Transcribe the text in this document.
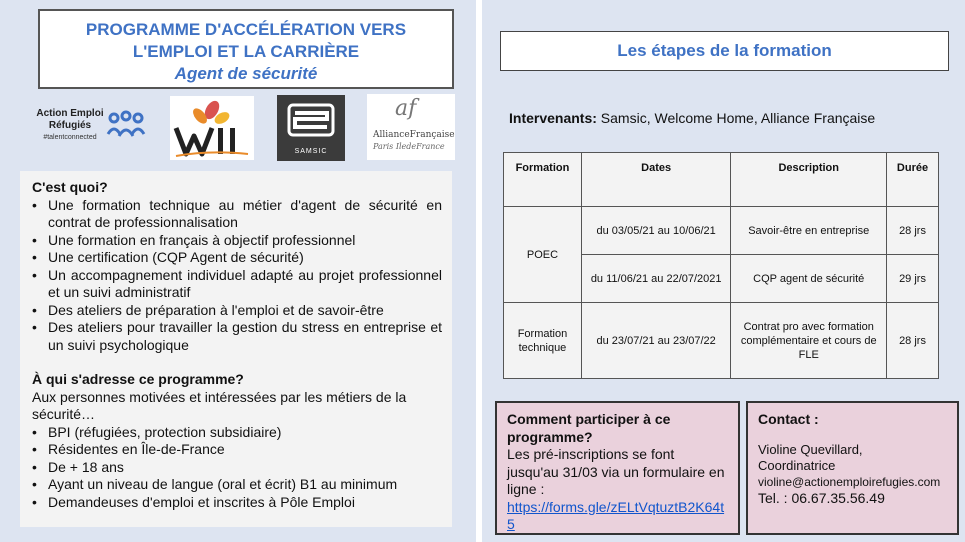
PROGRAMME D'ACCÉLÉRATION VERS
L'EMPLOI ET LA CARRIÈRE
Agent de sécurité
Action Emploi
Réfugiés
#talentconnected
SAMSIC
af
AllianceFrançaise
Paris IledeFrance
C'est quoi?
• Une formation technique au métier d'agent de sécurité en contrat de professionnalisation
• Une formation en français à objectif professionnel
• Une certification (CQP Agent de sécurité)
• Un accompagnement individuel adapté au projet professionnel et un suivi administratif
• Des ateliers de préparation à l'emploi et de savoir-être
• Des ateliers pour travailler la gestion du stress en entreprise et un suivi psychologique
À qui s'adresse ce programme?
Aux personnes motivées et intéressées par les métiers de la sécurité…
• BPI (réfugiées, protection subsidiaire)
• Résidentes en Île-de-France
• De + 18 ans
• Ayant un niveau de langue (oral et écrit) B1 au minimum
• Demandeuses d'emploi et inscrites à Pôle Emploi
Les étapes de la formation
Intervenants: Samsic, Welcome Home, Alliance Française
Formation	Dates	Description	Durée
POEC	du 03/05/21 au 10/06/21	Savoir-être en entreprise	28 jrs
	du 11/06/21 au 22/07/2021	CQP agent de sécurité	29 jrs
Formation technique	du 23/07/21 au 23/07/22	Contrat pro avec formation complémentaire et cours de FLE	28 jrs
Comment participer à ce programme?
Les pré-inscriptions se font jusqu'au 31/03 via un formulaire en ligne :
https://forms.gle/zELtVqtuztB2K64t5
Contact :
Violine Quevillard,
Coordinatrice
violine@actionemploirefugies.com
Tel. : 06.67.35.56.49
